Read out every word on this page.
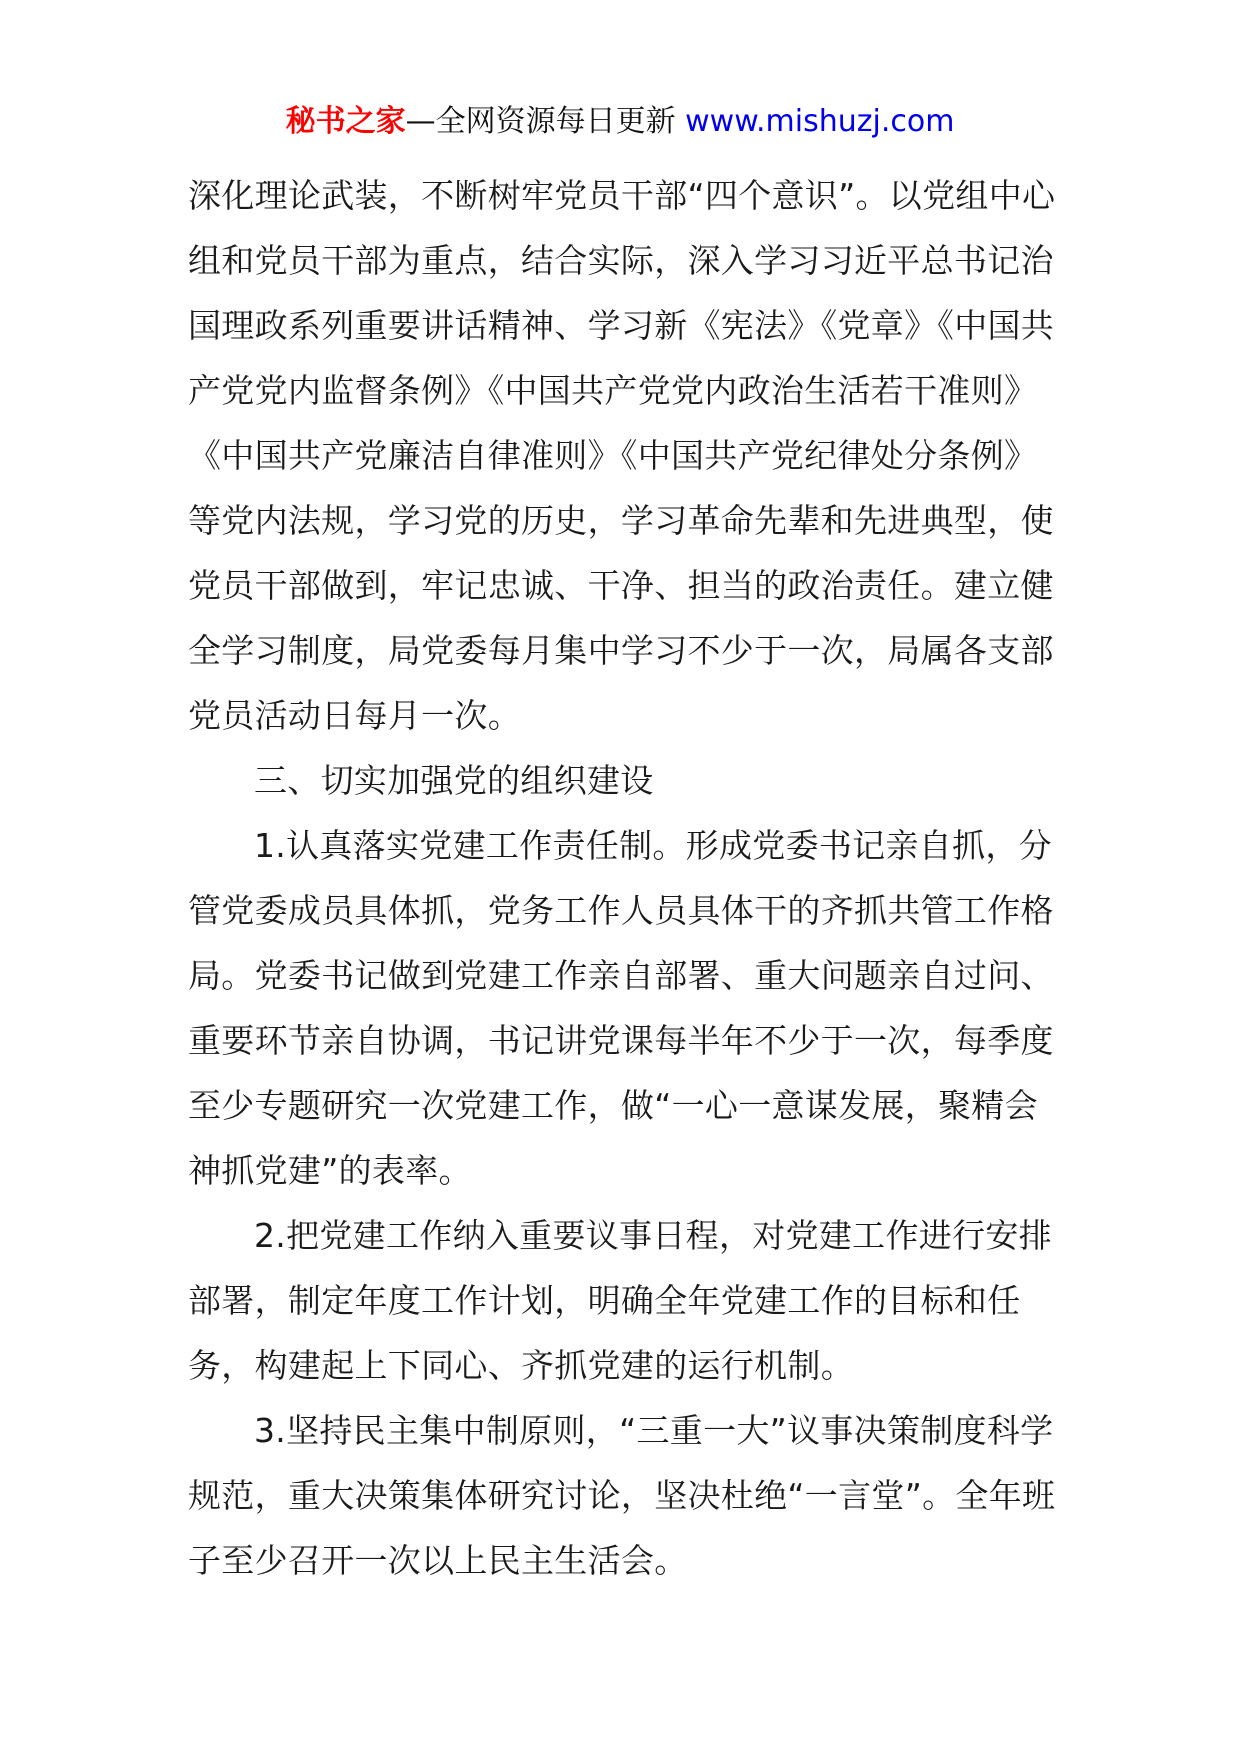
秘书之家—全网资源每日更新 www.mishuzj.com

深化理论武装，不断树牢党员干部“四个意识”。以党组中心组和党员干部为重点，结合实际，深入学习习近平总书记治国理政系列重要讲话精神、学习新《宪法》《党章》《中国共产党党内监督条例》《中国共产党党内政治生活若干准则》《中国共产党廉洁自律准则》《中国共产党纪律处分条例》等党内法规，学习党的历史，学习革命先辈和先进典型，使党员干部做到，牢记忠诚、干净、担当的政治责任。建立健全学习制度，局党委每月集中学习不少于一次，局属各支部党员活动日每月一次。

三、切实加强党的组织建设

1.认真落实党建工作责任制。形成党委书记亲自抓，分管党委成员具体抓，党务工作人员具体干的齐抓共管工作格局。党委书记做到党建工作亲自部署、重大问题亲自过问、重要环节亲自协调，书记讲党课每半年不少于一次，每季度至少专题研究一次党建工作，做“一心一意谋发展，聚精会神抓党建”的表率。

2.把党建工作纳入重要议事日程，对党建工作进行安排部署，制定年度工作计划，明确全年党建工作的目标和任务，构建起上下同心、齐抓党建的运行机制。

3.坚持民主集中制原则，“三重一大”议事决策制度科学规范，重大决策集体研究讨论，坚决杜绝“一言堂”。全年班子至少召开一次以上民主生活会。
